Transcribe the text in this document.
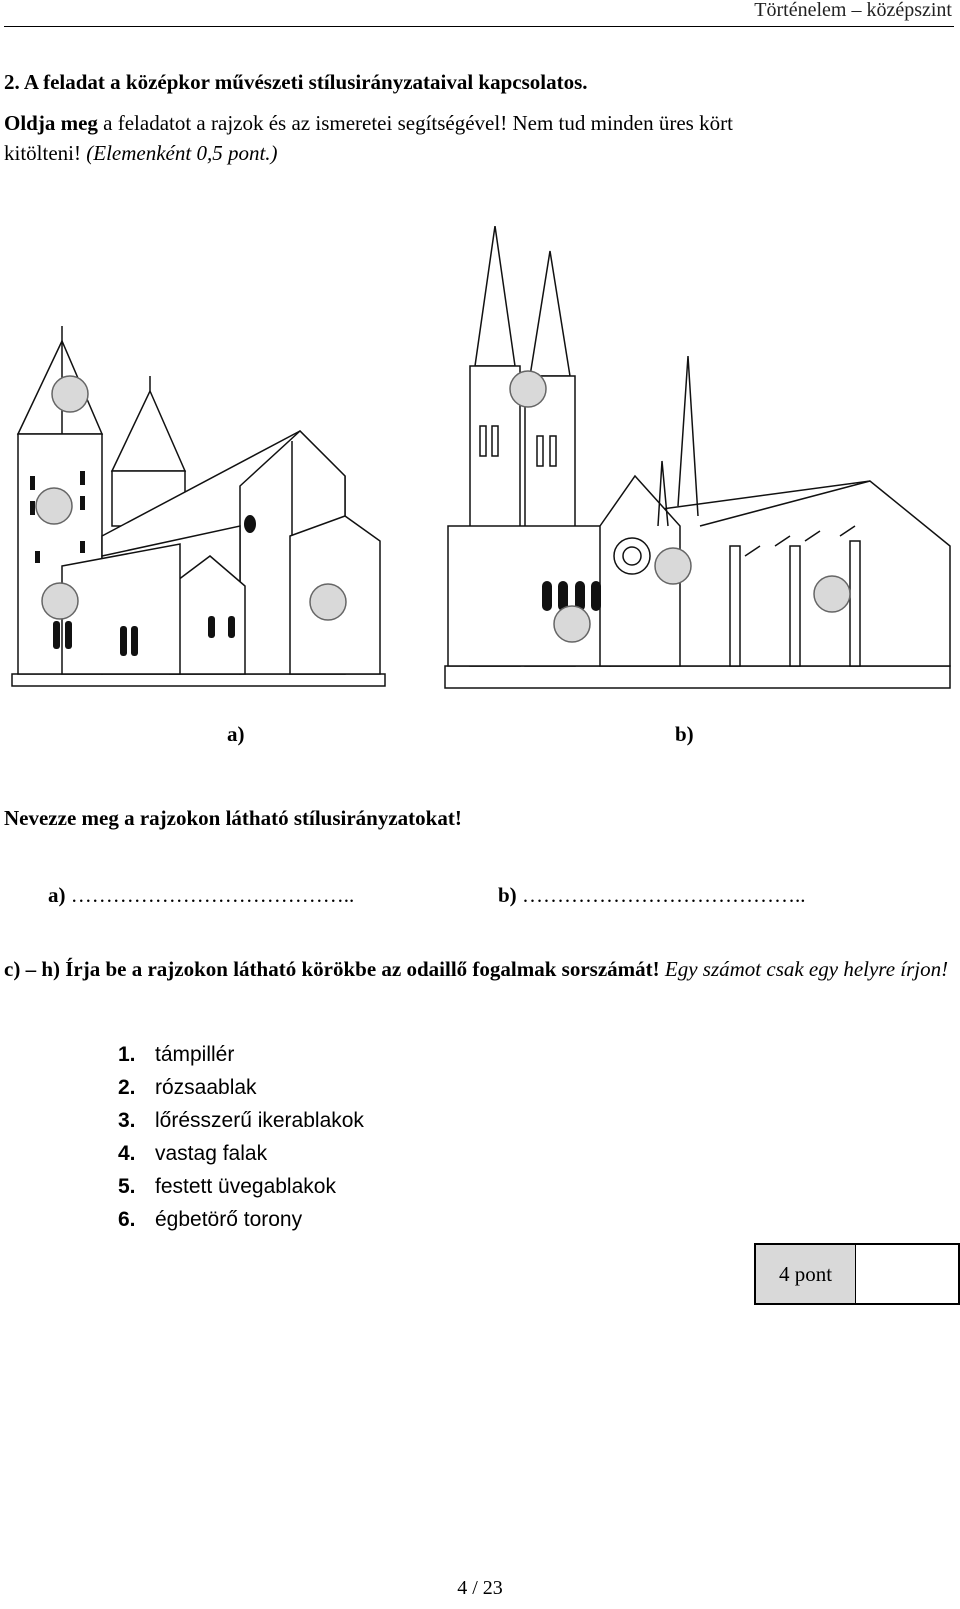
Történelem – középszint
2. A feladat a középkor művészeti stílusirányzataival kapcsolatos.
Oldja meg a feladatot a rajzok és az ismeretei segítségével! Nem tud minden üres kört
kitölteni! (Elemenként 0,5 pont.)
a)	b)
Nevezze meg a rajzokon látható stílusirányzatokat!
a) …………………………………..	b) …………………………………..
c) – h) Írja be a rajzokon látható körökbe az odaillő fogalmak sorszámát! Egy számot csak egy helyre írjon!
1. támpillér
2. rózsaablak
3. lőrésszerű ikerablakok
4. vastag falak
5. festett üvegablakok
6. égbetörő torony
4 pont
4 / 23
